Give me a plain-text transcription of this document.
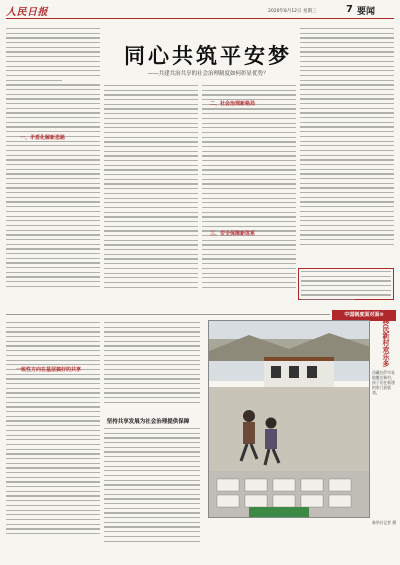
人民日报	2020年8月12日 星期三	7 要闻
同心共筑平安梦
——共建共治共享的社会治理制度如何彰显优势？
一、矛盾化解新思路
二、社会治理新格局
三、安全保障新体系
中国制度面对面⑩
一致性方向在基层搞好的共享
坚持共享发展为社会治理提供保障
移民新村欢乐多
西藏拉萨市易地搬迁新村，孩子们在新建的家门前嬉戏。
新华社记者 摄
